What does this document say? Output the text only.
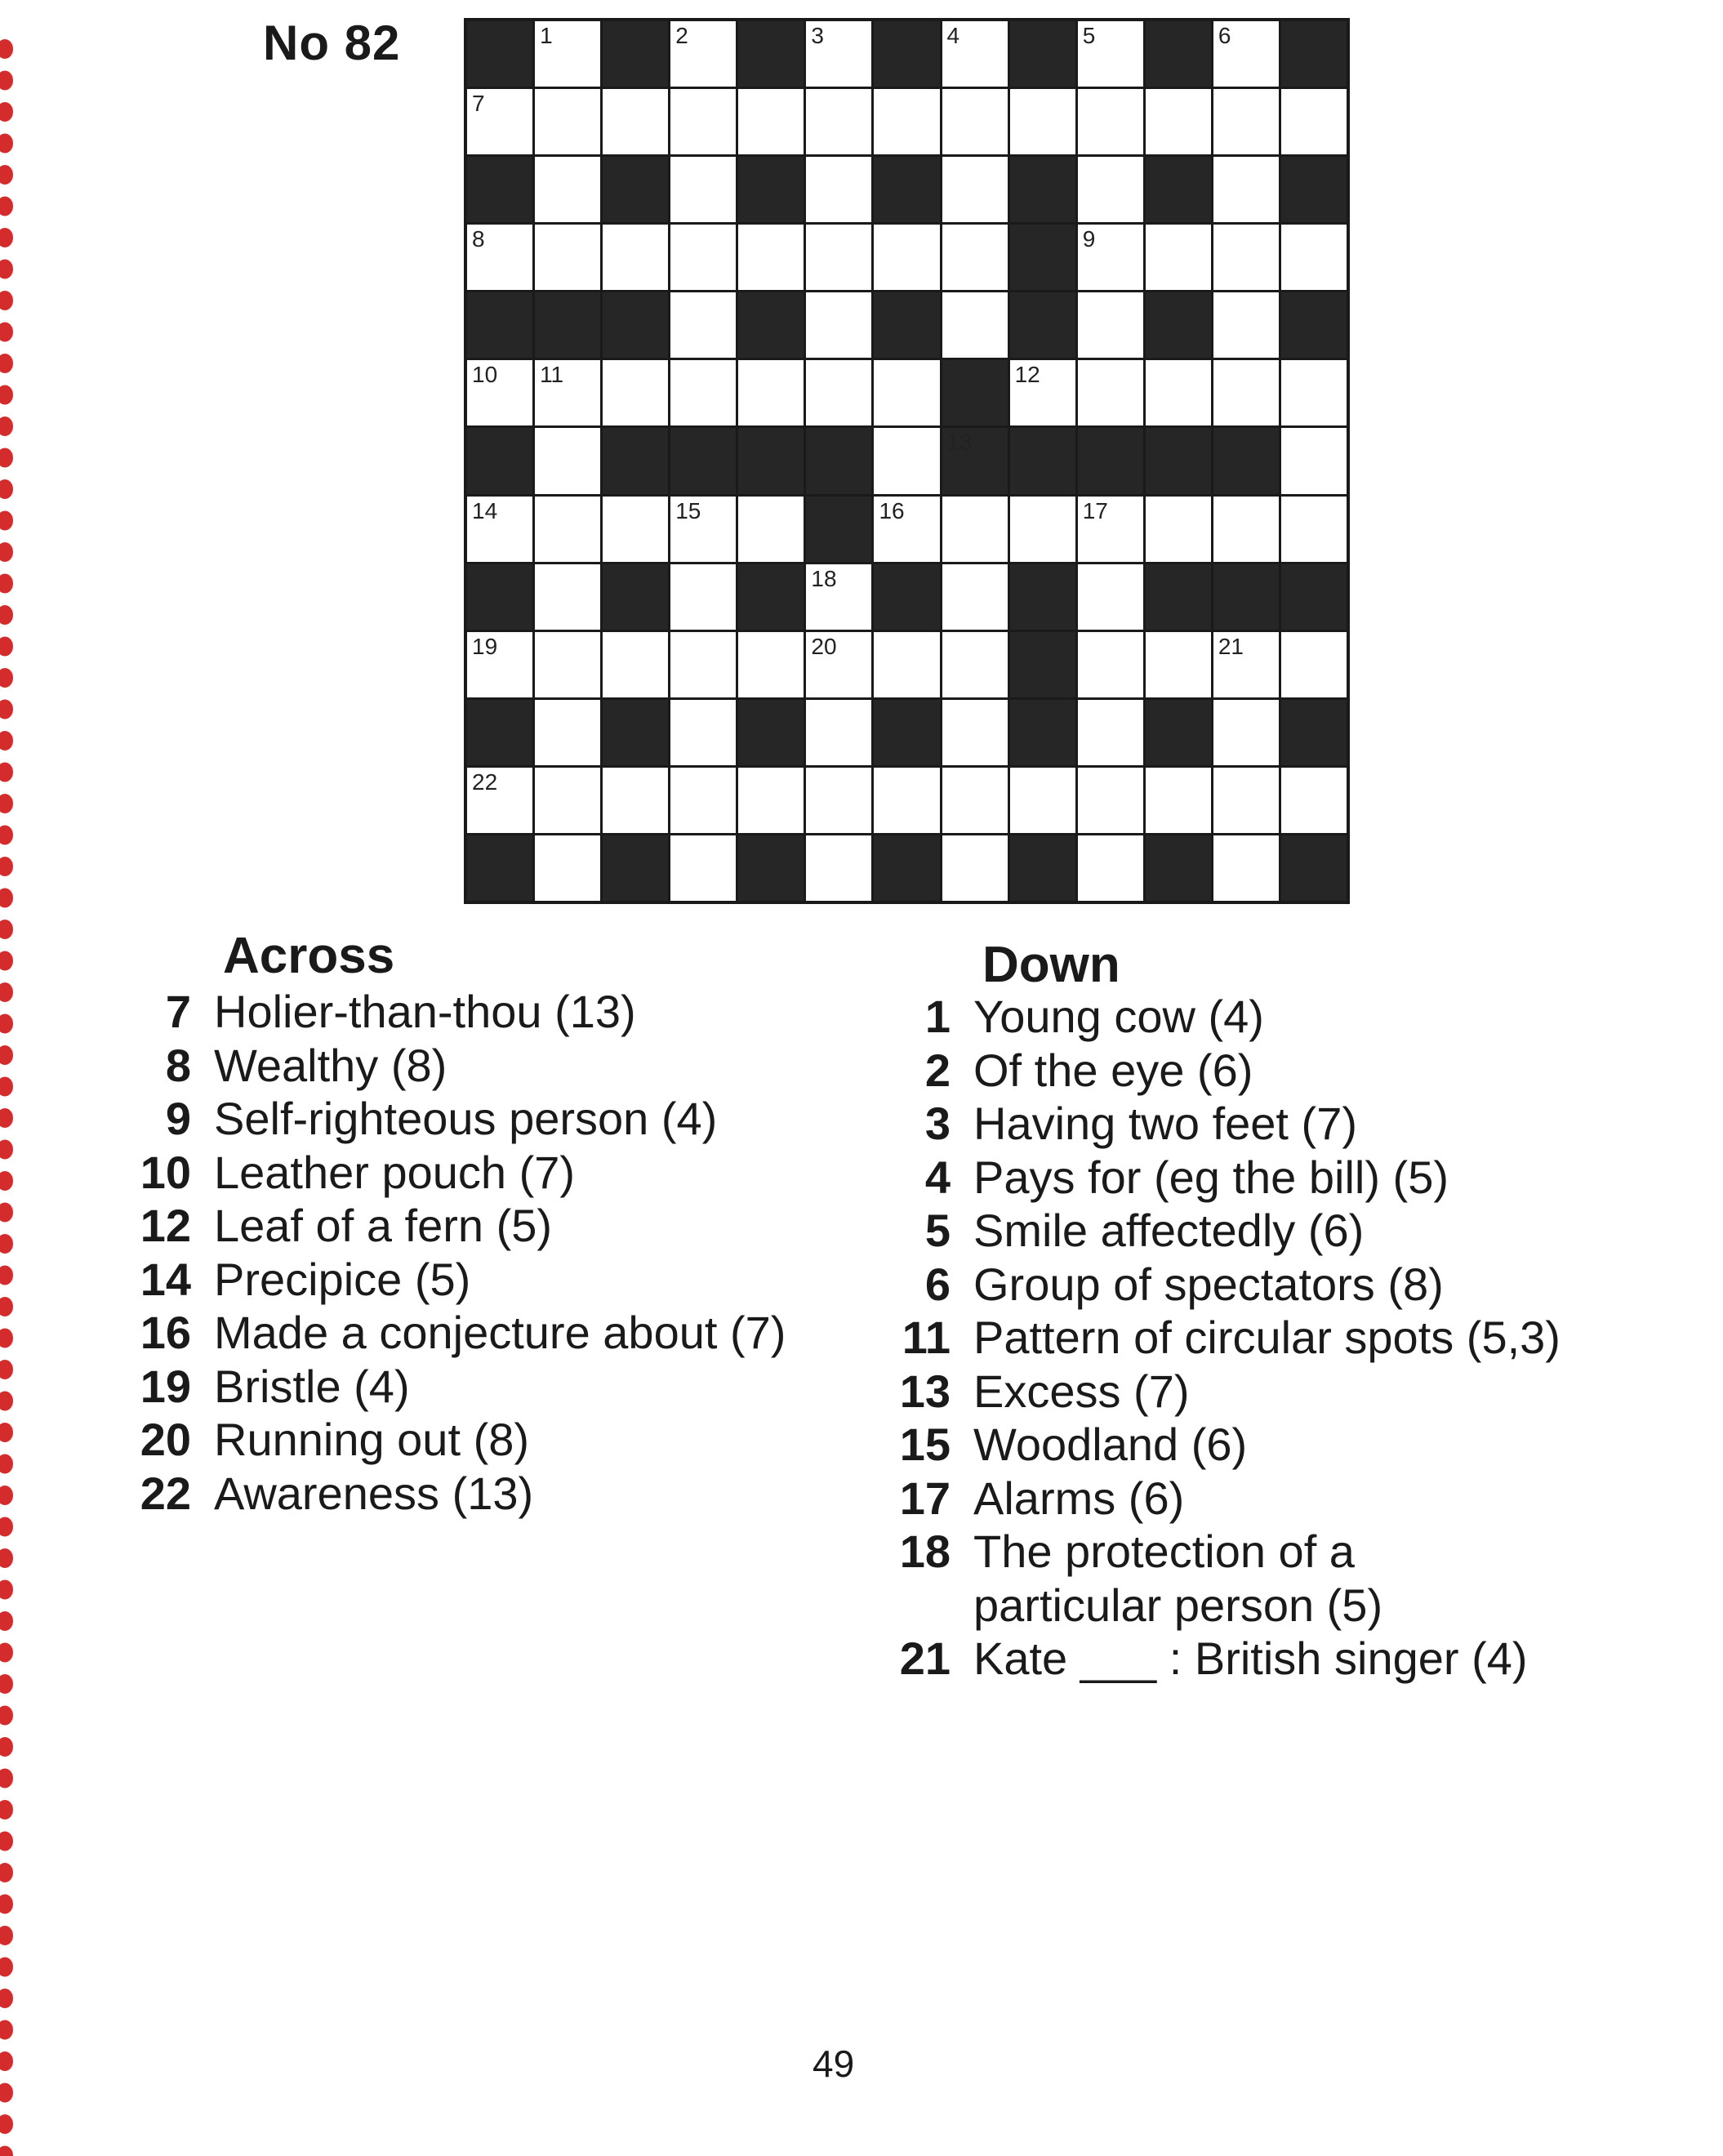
No 82	1	2	3	4	5	6
7
8	9
10 11	12
13
14	15	16	17
18
19	20	21
22
Across
7 Holier-than-thou (13)
8 Wealthy (8)
9 Self-righteous person (4)
10 Leather pouch (7)
12 Leaf of a fern (5)
14 Precipice (5)
16 Made a conjecture about (7)
19 Bristle (4)
20 Running out (8)
22 Awareness (13)
Down
1 Young cow (4)
2 Of the eye (6)
3 Having two feet (7)
4 Pays for (eg the bill) (5)
5 Smile affectedly (6)
6 Group of spectators (8)
11 Pattern of circular spots (5,3)
13 Excess (7)
15 Woodland (6)
17 Alarms (6)
18 The protection of a particular person (5)
21 Kate ___ : British singer (4)
49
